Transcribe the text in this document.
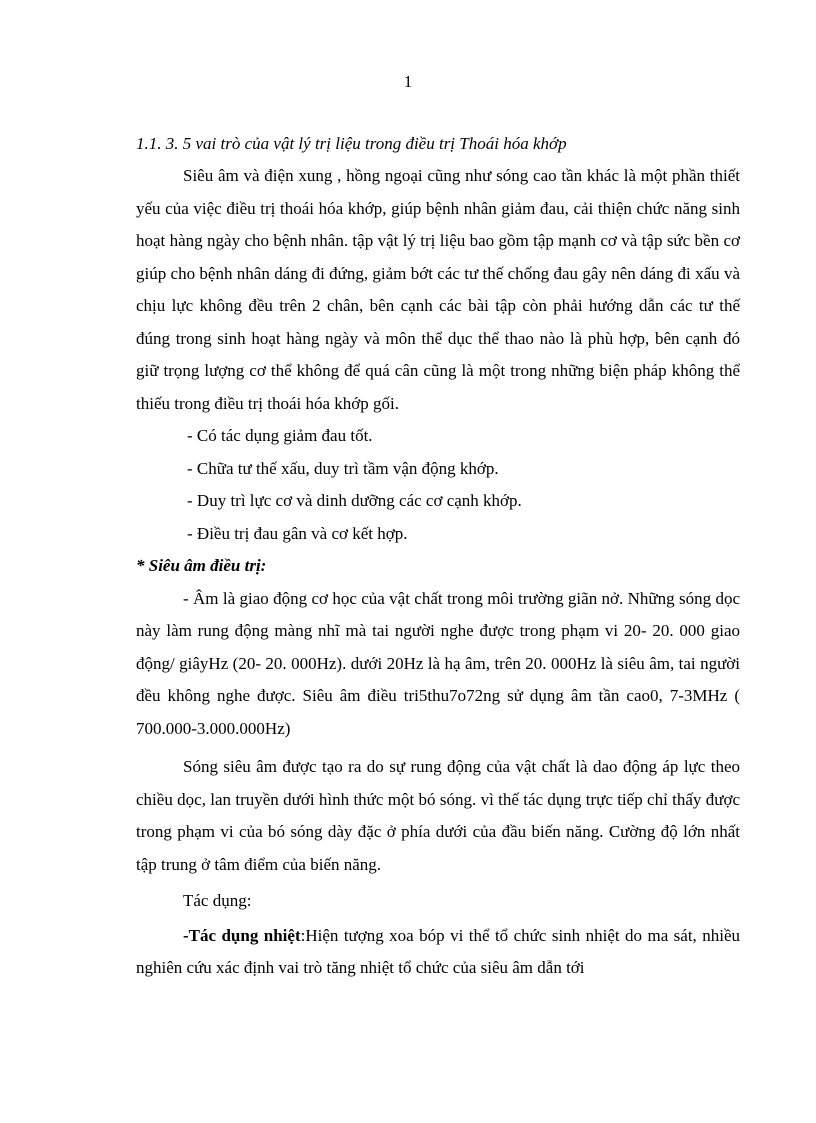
1
1.1. 3. 5 vai trò của vật lý trị liệu trong điều trị Thoái hóa khớp

Siêu âm và điện xung , hồng ngoại cũng như sóng cao tần khác là một phần thiết yếu của việc điều trị thoái hóa khớp, giúp bệnh nhân giảm đau, cải thiện chức năng sinh hoạt hàng ngày cho bệnh nhân. tập vật lý trị liệu bao gồm tập mạnh cơ và tập sức bền cơ giúp cho bệnh nhân dáng đi đứng, giảm bớt các tư thế chống đau gây nên dáng đi xấu và chịu lực không đều trên 2 chân, bên cạnh các bài tập còn phải hướng dẫn các tư thế đúng trong sinh hoạt hàng ngày và môn thể dục thể thao nào là phù hợp, bên cạnh đó giữ trọng lượng cơ thể không để quá cân cũng là một trong những biện pháp không thể thiếu trong điều trị thoái hóa khớp gối.

- Có tác dụng giảm đau tốt.

- Chữa tư thế xấu, duy trì tầm vận động khớp.

- Duy trì lực cơ và dinh dưỡng các cơ cạnh khớp.

- Điều trị đau gân và cơ kết hợp.

* Siêu âm điều trị:

- Âm là giao động cơ học của vật chất trong môi trường giãn nở. Những sóng dọc này làm rung động màng nhĩ mà tai người nghe được trong phạm vi 20- 20. 000 giao động/ giâyHz (20- 20. 000Hz). dưới 20Hz là hạ âm, trên 20. 000Hz là siêu âm, tai người đều không nghe được. Siêu âm điều tri5thu7o72ng sử dụng âm tần cao0, 7-3MHz ( 700.000-3.000.000Hz)

Sóng siêu âm được tạo ra do sự rung động của vật chất là dao động áp lực theo chiều dọc, lan truyền dưới hình thức một bó sóng. vì thế tác dụng trực tiếp chỉ thấy được trong phạm vi của bó sóng dày đặc ở phía dưới của đầu biến năng. Cường độ lớn nhất tập trung ở tâm điểm của biến năng.

Tác dụng:

-Tác dụng nhiệt:Hiện tượng xoa bóp vi thể tổ chức sinh nhiệt do ma sát, nhiều nghiên cứu xác định vai trò tăng nhiệt tổ chức của siêu âm dẫn tới
